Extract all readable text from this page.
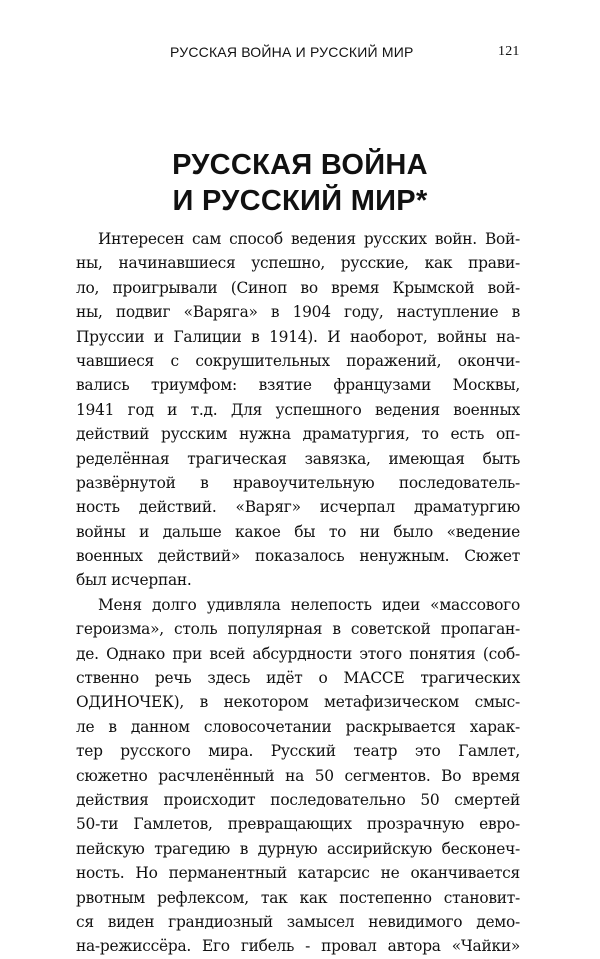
РУССКАЯ ВОЙНА И РУССКИЙ МИР	121
РУССКАЯ ВОЙНА
И РУССКИЙ МИР*
Интересен сам способ ведения русских войн. Вой-
ны, начинавшиеся успешно, русские, как прави-
ло, проигрывали (Синоп во время Крымской вой-
ны, подвиг «Варяга» в 1904 году, наступление в
Пруссии и Галиции в 1914). И наоборот, войны на-
чавшиеся с сокрушительных поражений, окончи-
вались триумфом: взятие французами Москвы,
1941 год и т.д. Для успешного ведения военных
действий русским нужна драматургия, то есть оп-
ределённая трагическая завязка, имеющая быть
развёрнутой в нравоучительную последователь-
ность действий. «Варяг» исчерпал драматургию
войны и дальше какое бы то ни было «ведение
военных действий» показалось ненужным. Сюжет
был исчерпан.
Меня долго удивляла нелепость идеи «массового
героизма», столь популярная в советской пропаган-
де. Однако при всей абсурдности этого понятия (соб-
ственно речь здесь идёт о МАССЕ трагических
ОДИНОЧЕК), в некотором метафизическом смыс-
ле в данном словосочетании раскрывается харак-
тер русского мира. Русский театр это Гамлет,
сюжетно расчленённый на 50 сегментов. Во время
действия происходит последовательно 50 смертей
50-ти Гамлетов, превращающих прозрачную евро-
пейскую трагедию в дурную ассирийскую бесконеч-
ность. Но перманентный катарсис не оканчивается
рвотным рефлексом, так как постепенно становит-
ся виден грандиозный замысел невидимого демо-
на-режиссёра. Его гибель - провал автора «Чайки»
